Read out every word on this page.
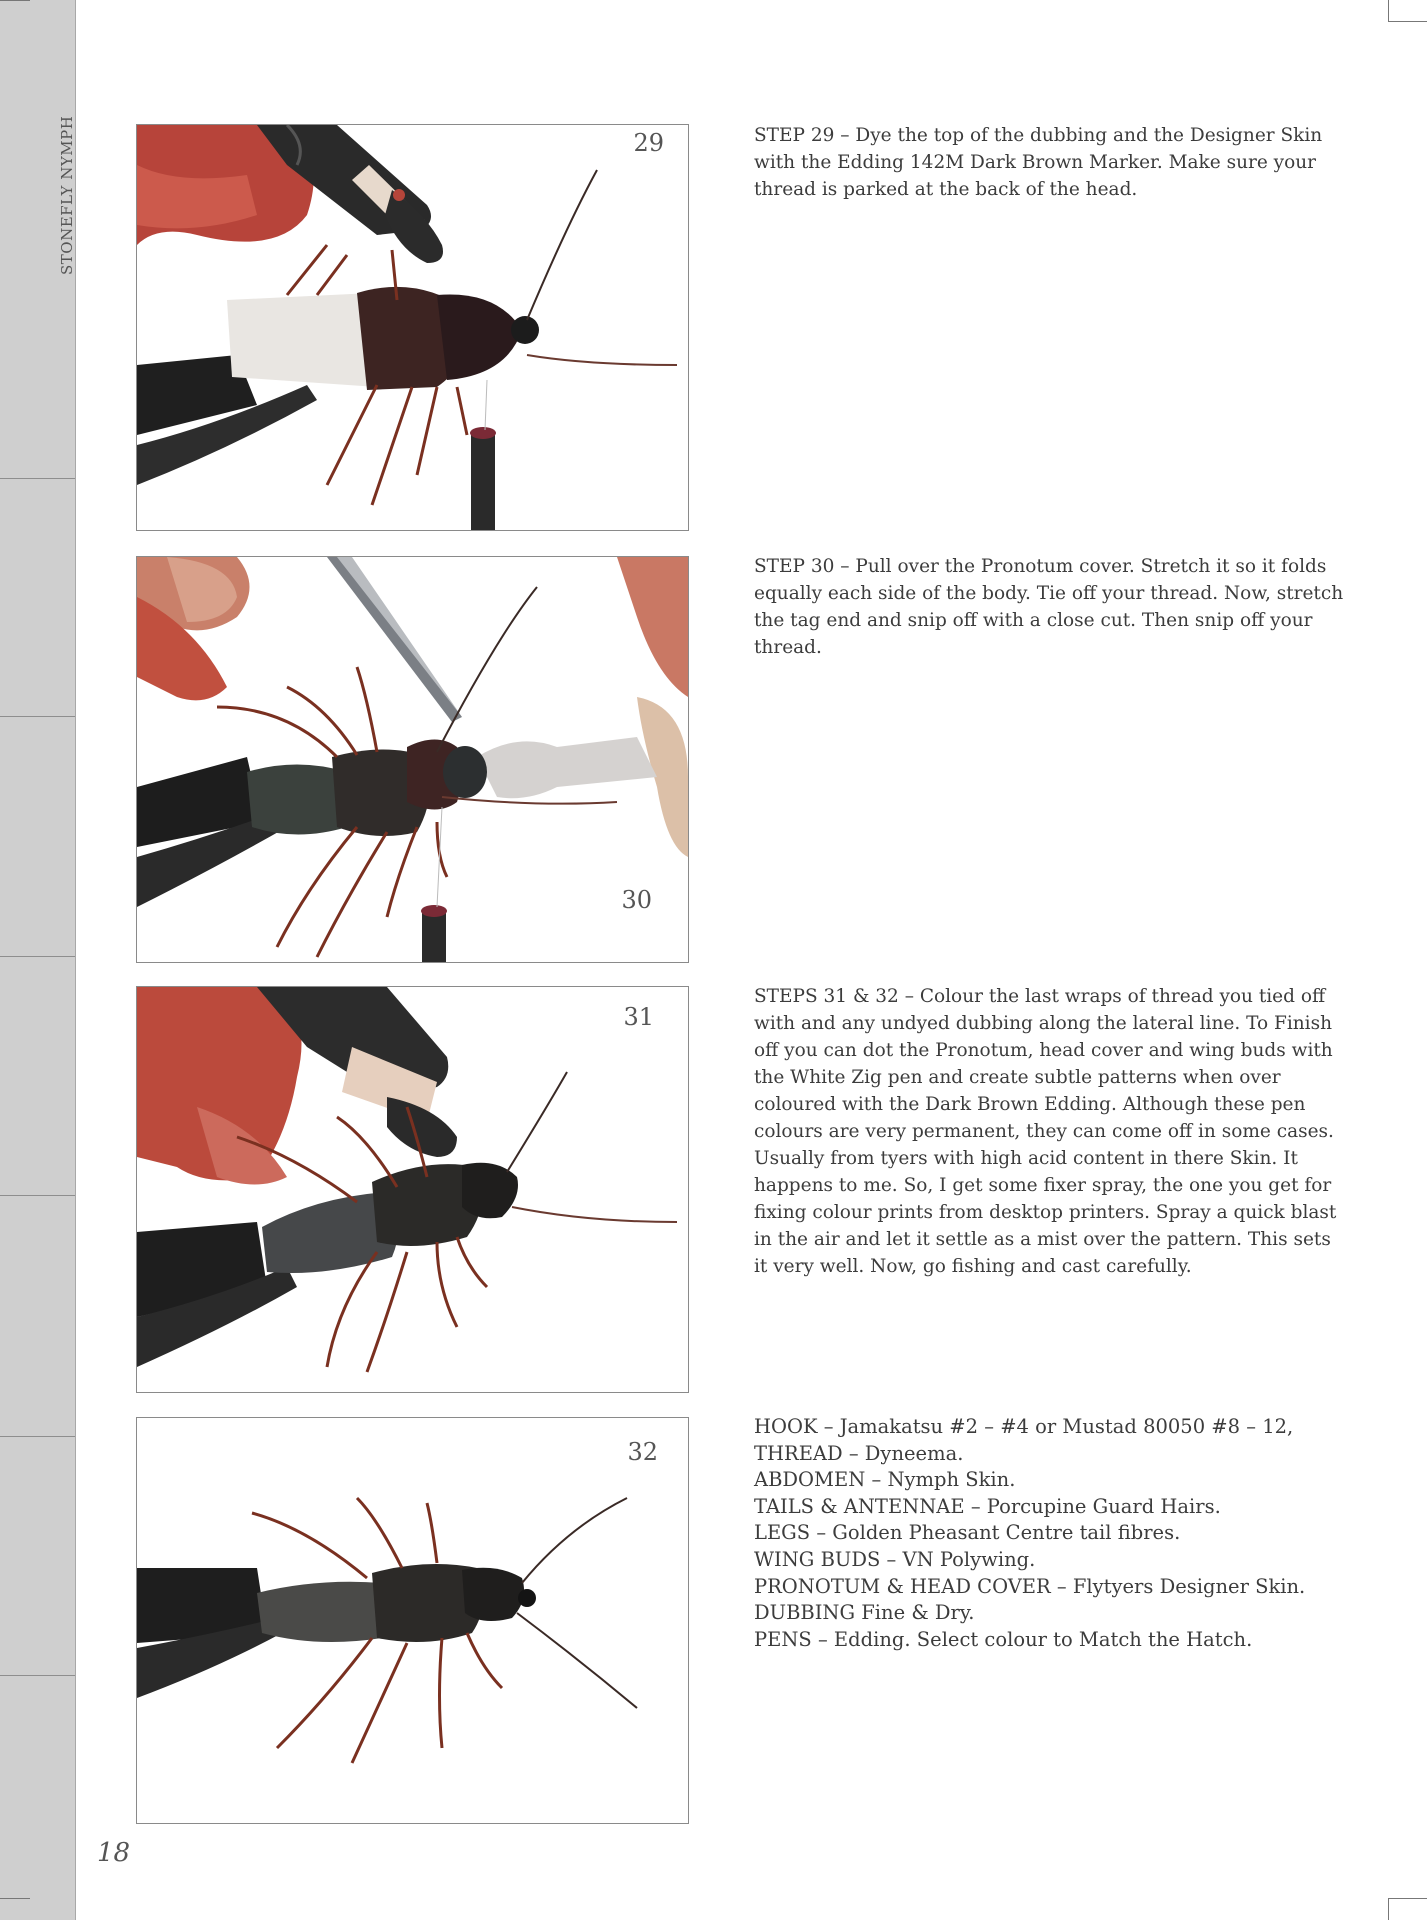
STONEFLY NYMPH	29
30
31
32

STEP 29 – Dye the top of the dubbing and the Designer Skin with the Edding 142M Dark Brown Marker. Make sure your thread is parked at the back of the head.

STEP 30 – Pull over the Pronotum cover. Stretch it so it folds equally each side of the body. Tie off your thread. Now, stretch the tag end and snip off with a close cut. Then snip off your thread.

STEPS 31 & 32 – Colour the last wraps of thread you tied off with and any undyed dubbing along the lateral line. To Finish off you can dot the Pronotum, head cover and wing buds with the White Zig pen and create subtle patterns when over coloured with the Dark Brown Edding. Although these pen colours are very permanent, they can come off in some cases. Usually from tyers with high acid content in there Skin. It happens to me. So, I get some fixer spray, the one you get for fixing colour prints from desktop printers. Spray a quick blast in the air and let it settle as a mist over the pattern. This sets it very well. Now, go fishing and cast carefully.

HOOK – Jamakatsu #2 – #4 or Mustad 80050 #8 – 12,
THREAD – Dyneema.
ABDOMEN – Nymph Skin.
TAILS & ANTENNAE – Porcupine Guard Hairs.
LEGS – Golden Pheasant Centre tail fibres.
WING BUDS – VN Polywing.
PRONOTUM & HEAD COVER – Flytyers Designer Skin.
DUBBING Fine & Dry.
PENS – Edding. Select colour to Match the Hatch.
18
